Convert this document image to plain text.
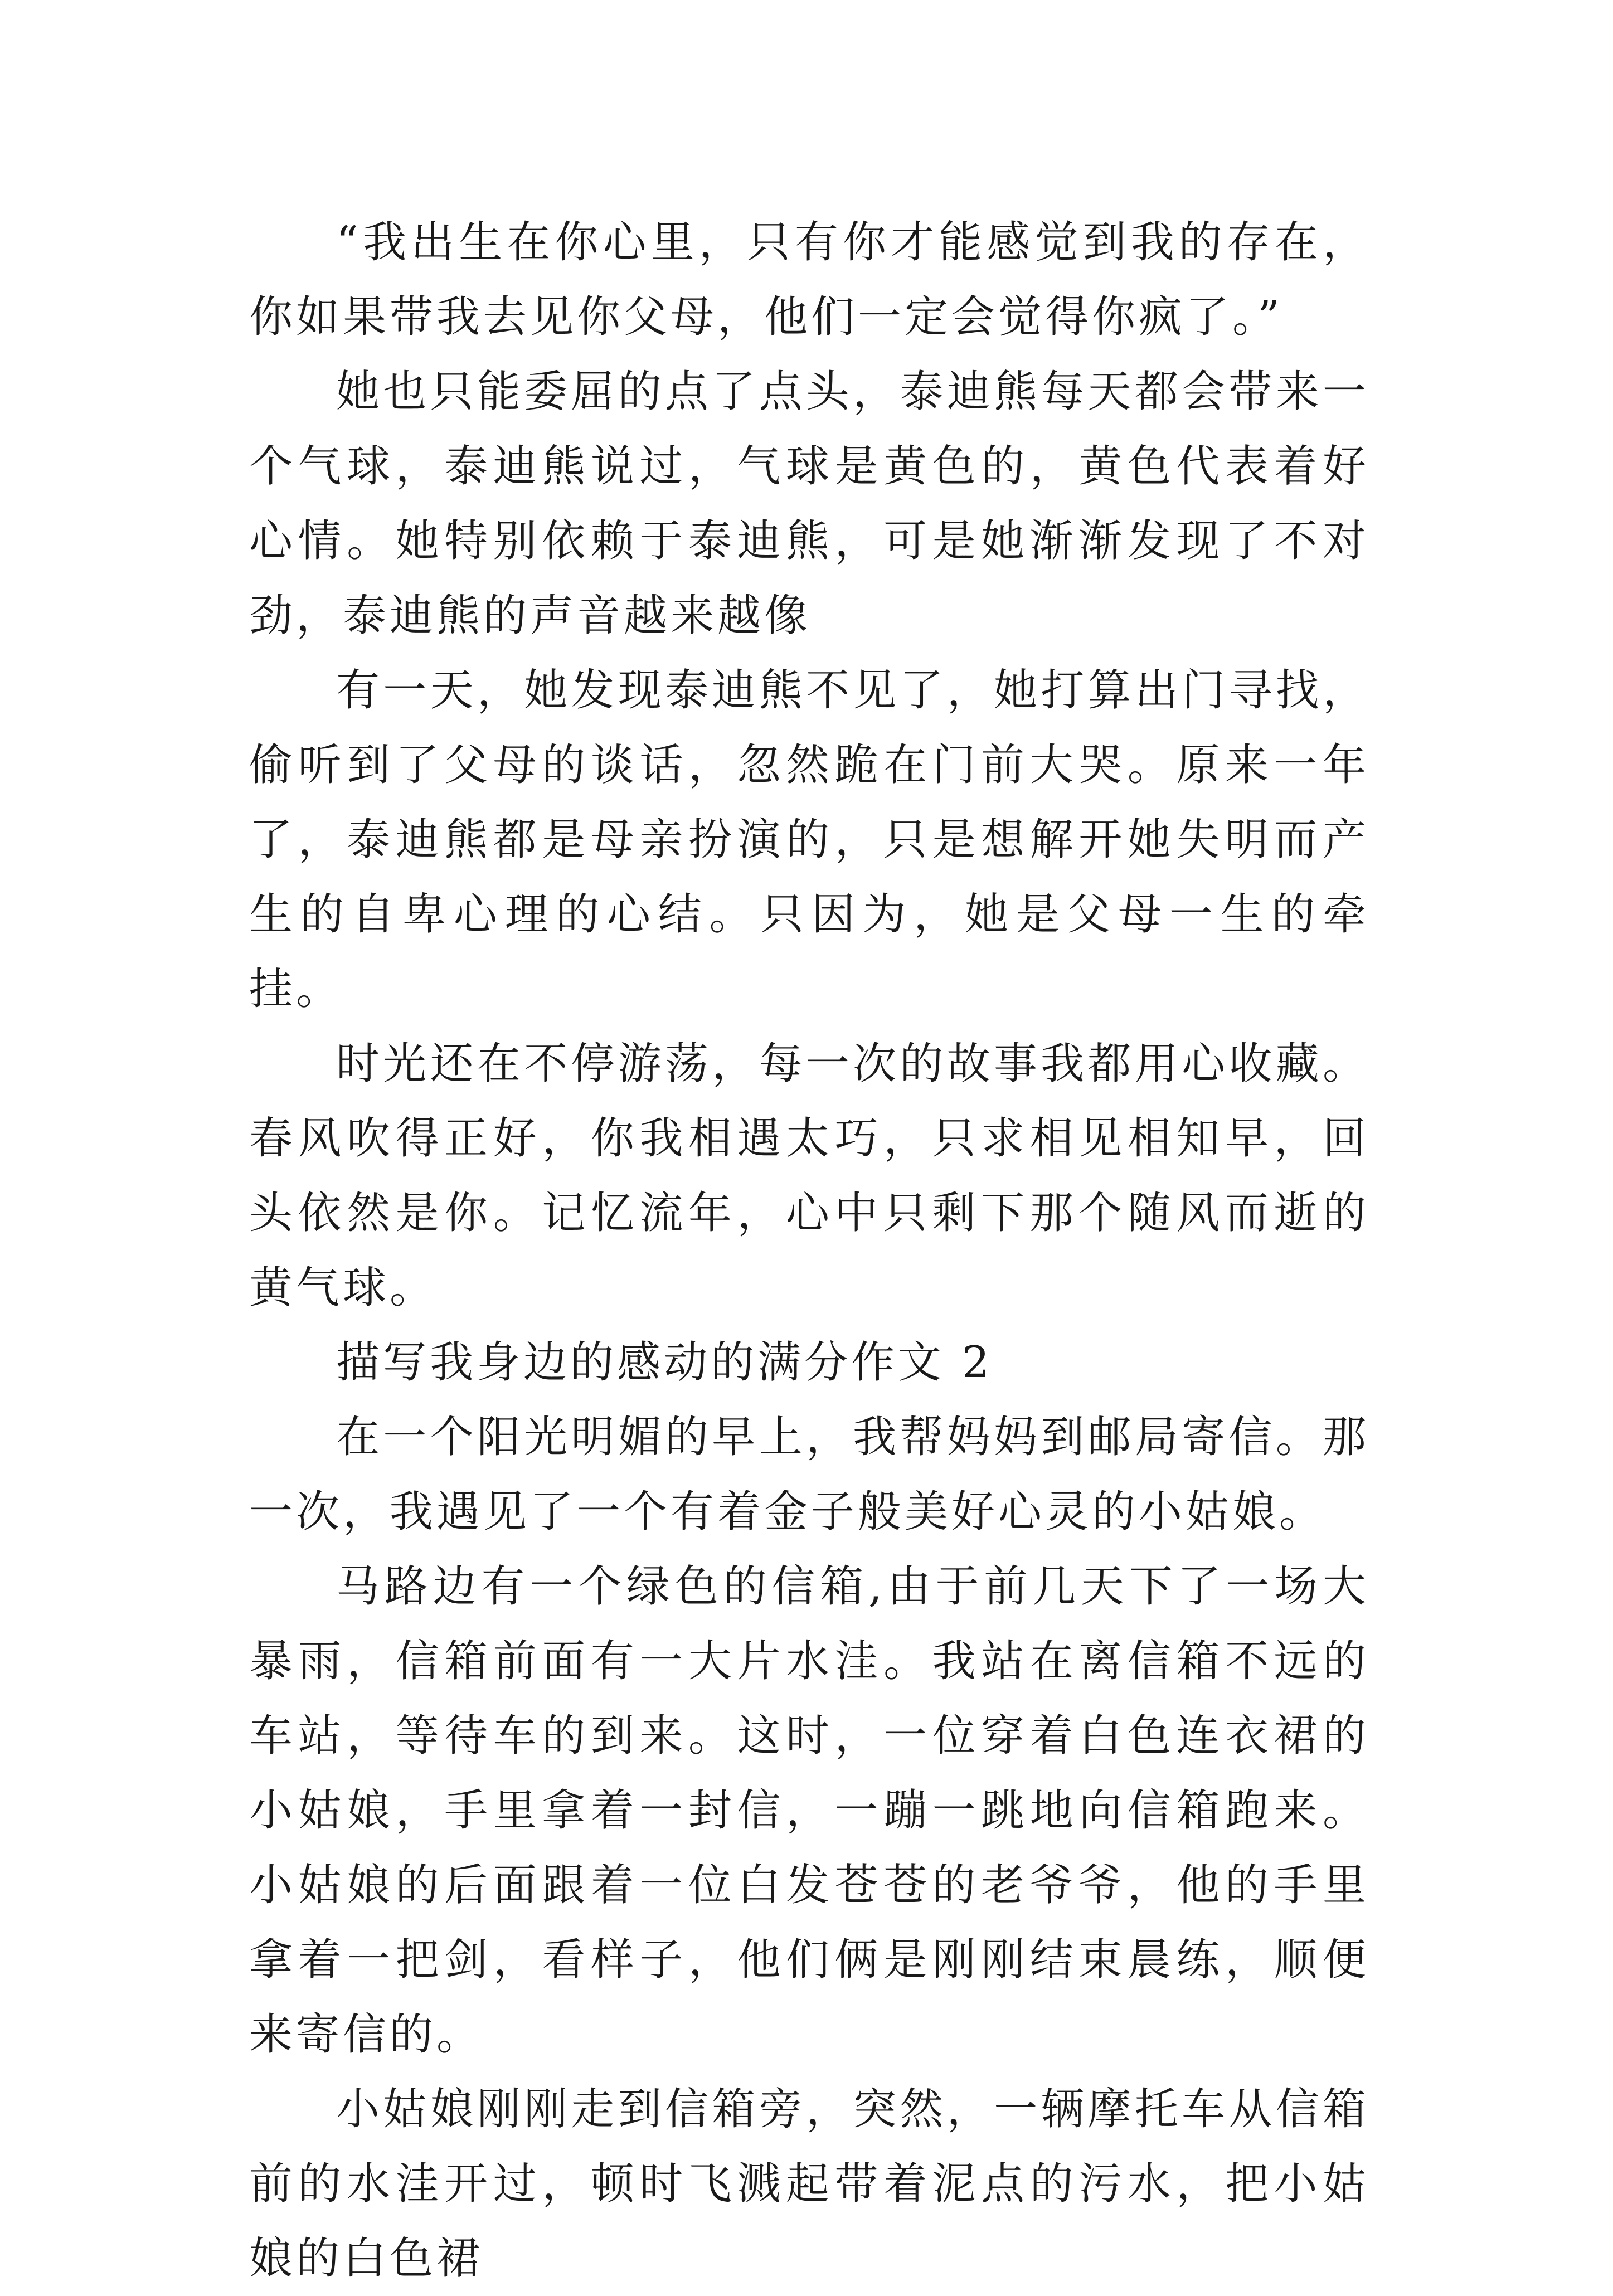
“我出生在你心里，只有你才能感觉到我的存在，你如果带我去见你父母，他们一定会觉得你疯了。”

她也只能委屈的点了点头，泰迪熊每天都会带来一个气球，泰迪熊说过，气球是黄色的，黄色代表着好心情。她特别依赖于泰迪熊，可是她渐渐发现了不对劲，泰迪熊的声音越来越像

有一天，她发现泰迪熊不见了，她打算出门寻找，偷听到了父母的谈话，忽然跪在门前大哭。原来一年了，泰迪熊都是母亲扮演的，只是想解开她失明而产生的自卑心理的心结。只因为，她是父母一生的牵挂。

时光还在不停游荡，每一次的故事我都用心收藏。春风吹得正好，你我相遇太巧，只求相见相知早，回头依然是你。记忆流年，心中只剩下那个随风而逝的黄气球。

描写我身边的感动的满分作文 2

在一个阳光明媚的早上，我帮妈妈到邮局寄信。那一次，我遇见了一个有着金子般美好心灵的小姑娘。

马路边有一个绿色的信箱,由于前几天下了一场大暴雨，信箱前面有一大片水洼。我站在离信箱不远的车站，等待车的到来。这时，一位穿着白色连衣裙的小姑娘，手里拿着一封信，一蹦一跳地向信箱跑来。小姑娘的后面跟着一位白发苍苍的老爷爷，他的手里拿着一把剑，看样子，他们俩是刚刚结束晨练，顺便来寄信的。

小姑娘刚刚走到信箱旁，突然，一辆摩托车从信箱前的水洼开过，顿时飞溅起带着泥点的污水，把小姑娘的白色裙
